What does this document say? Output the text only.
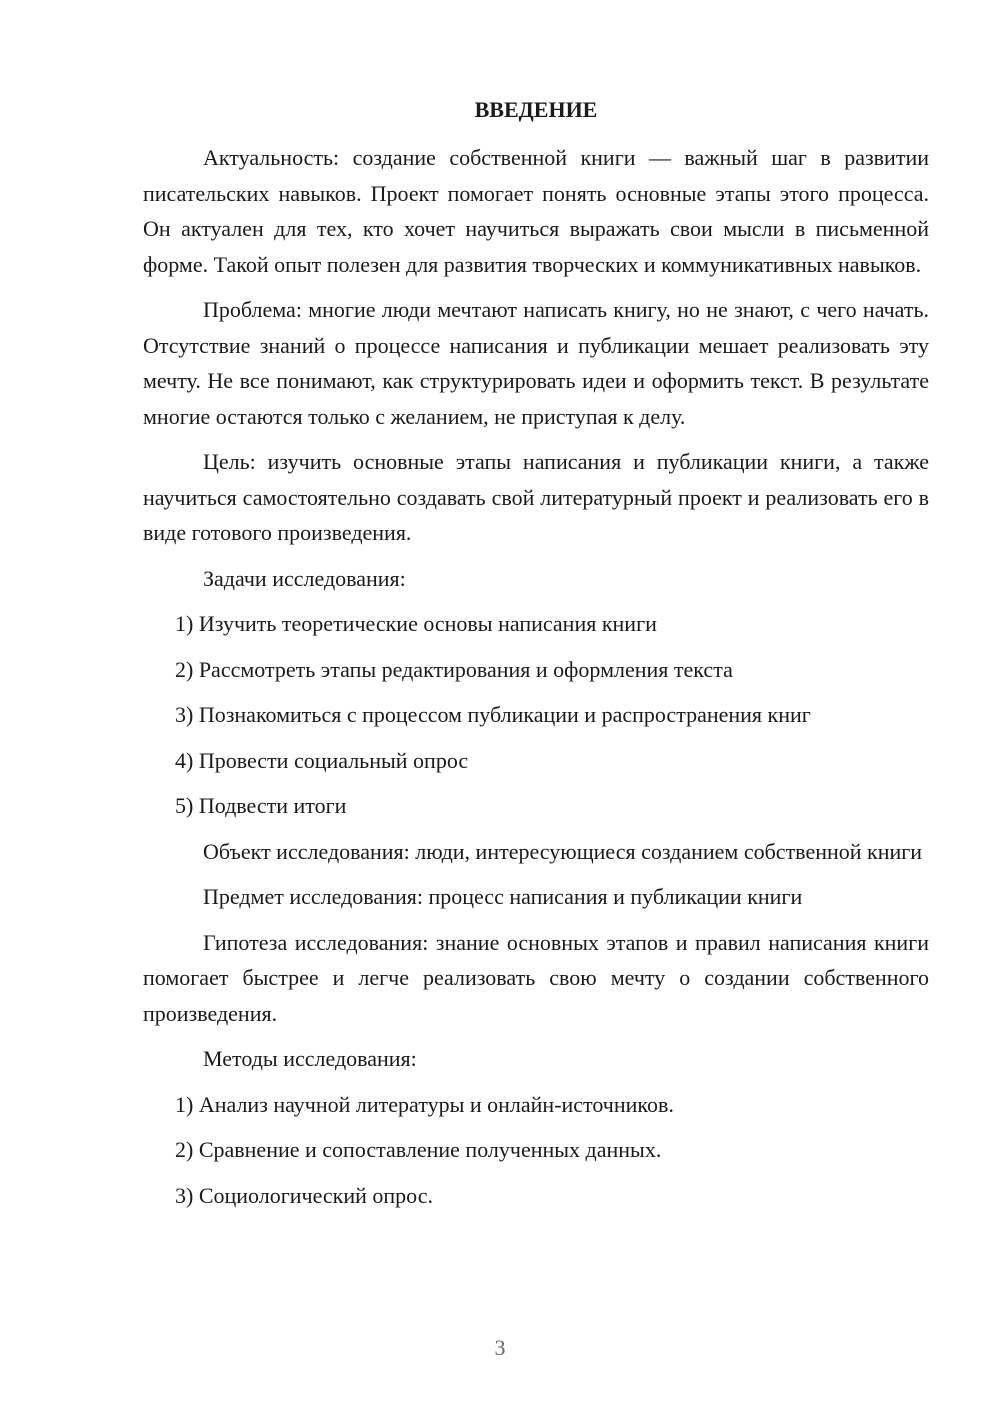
ВВЕДЕНИЕ

Актуальность: создание собственной книги — важный шаг в развитии писательских навыков. Проект помогает понять основные этапы этого процесса. Он актуален для тех, кто хочет научиться выражать свои мысли в письменной форме. Такой опыт полезен для развития творческих и коммуникативных навыков.

Проблема: многие люди мечтают написать книгу, но не знают, с чего начать. Отсутствие знаний о процессе написания и публикации мешает реализовать эту мечту. Не все понимают, как структурировать идеи и оформить текст. В результате многие остаются только с желанием, не приступая к делу.

Цель: изучить основные этапы написания и публикации книги, а также научиться самостоятельно создавать свой литературный проект и реализовать его в виде готового произведения.

Задачи исследования:

1) Изучить теоретические основы написания книги

2) Рассмотреть этапы редактирования и оформления текста

3) Познакомиться с процессом публикации и распространения книг

4) Провести социальный опрос

5) Подвести итоги

Объект исследования: люди, интересующиеся созданием собственной книги

Предмет исследования: процесс написания и публикации книги

Гипотеза исследования: знание основных этапов и правил написания книги помогает быстрее и легче реализовать свою мечту о создании собственного произведения.

Методы исследования:

1) Анализ научной литературы и онлайн-источников.

2) Сравнение и сопоставление полученных данных.

3) Социологический опрос.

3
